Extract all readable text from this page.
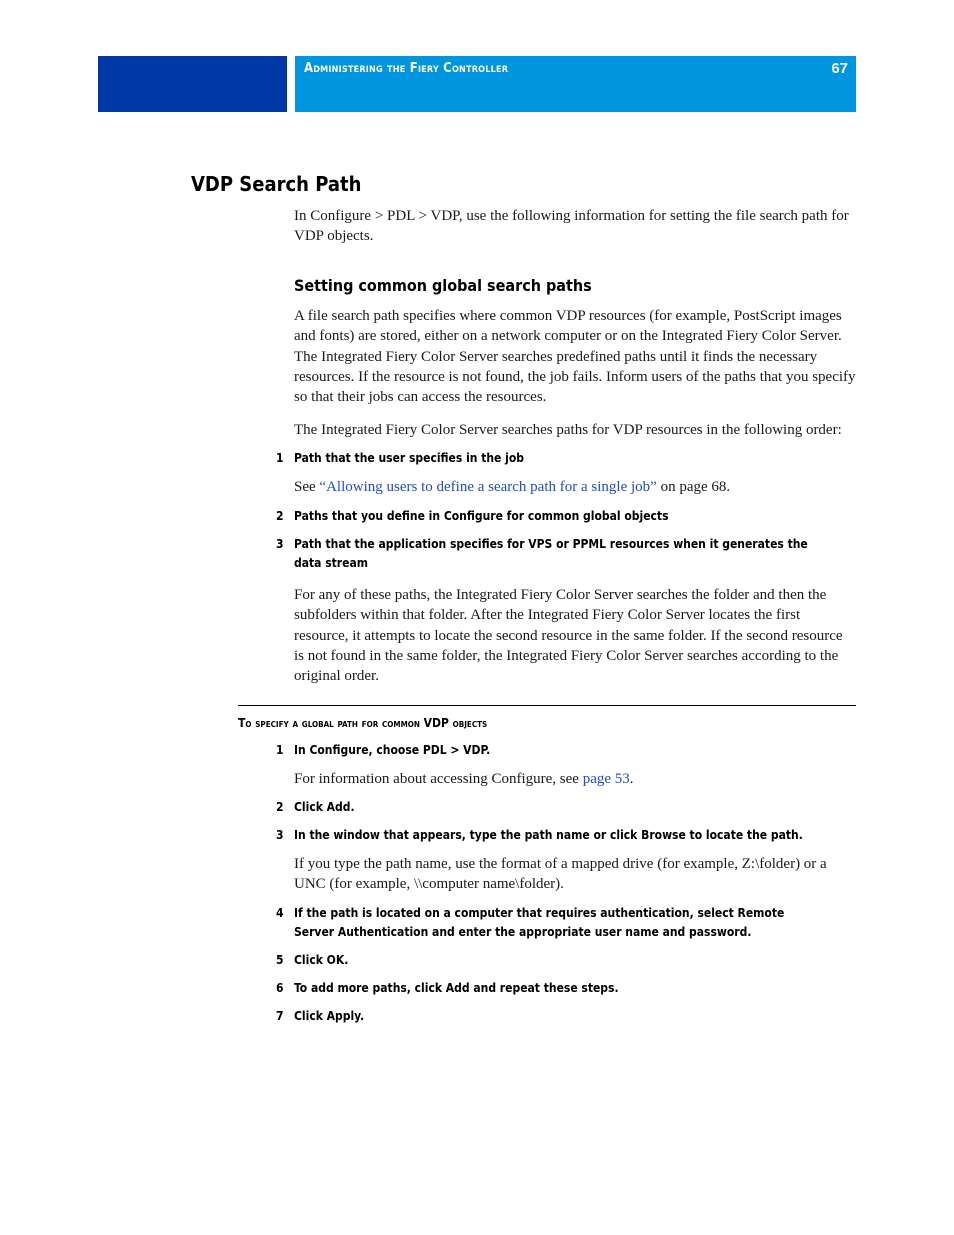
Administering the Fiery Controller	67
VDP Search Path
In Configure > PDL > VDP, use the following information for setting the file search path for VDP objects.
Setting common global search paths
A file search path specifies where common VDP resources (for example, PostScript images and fonts) are stored, either on a network computer or on the Integrated Fiery Color Server. The Integrated Fiery Color Server searches predefined paths until it finds the necessary resources. If the resource is not found, the job fails. Inform users of the paths that you specify so that their jobs can access the resources.
The Integrated Fiery Color Server searches paths for VDP resources in the following order:
1 Path that the user specifies in the job
See “Allowing users to define a search path for a single job” on page 68.
2 Paths that you define in Configure for common global objects
3 Path that the application specifies for VPS or PPML resources when it generates the data stream
For any of these paths, the Integrated Fiery Color Server searches the folder and then the subfolders within that folder. After the Integrated Fiery Color Server locates the first resource, it attempts to locate the second resource in the same folder. If the second resource is not found in the same folder, the Integrated Fiery Color Server searches according to the original order.
To specify a global path for common VDP objects
1 In Configure, choose PDL > VDP.
For information about accessing Configure, see page 53.
2 Click Add.
3 In the window that appears, type the path name or click Browse to locate the path.
If you type the path name, use the format of a mapped drive (for example, Z:\folder) or a UNC (for example, \\computer name\folder).
4 If the path is located on a computer that requires authentication, select Remote Server Authentication and enter the appropriate user name and password.
5 Click OK.
6 To add more paths, click Add and repeat these steps.
7 Click Apply.
